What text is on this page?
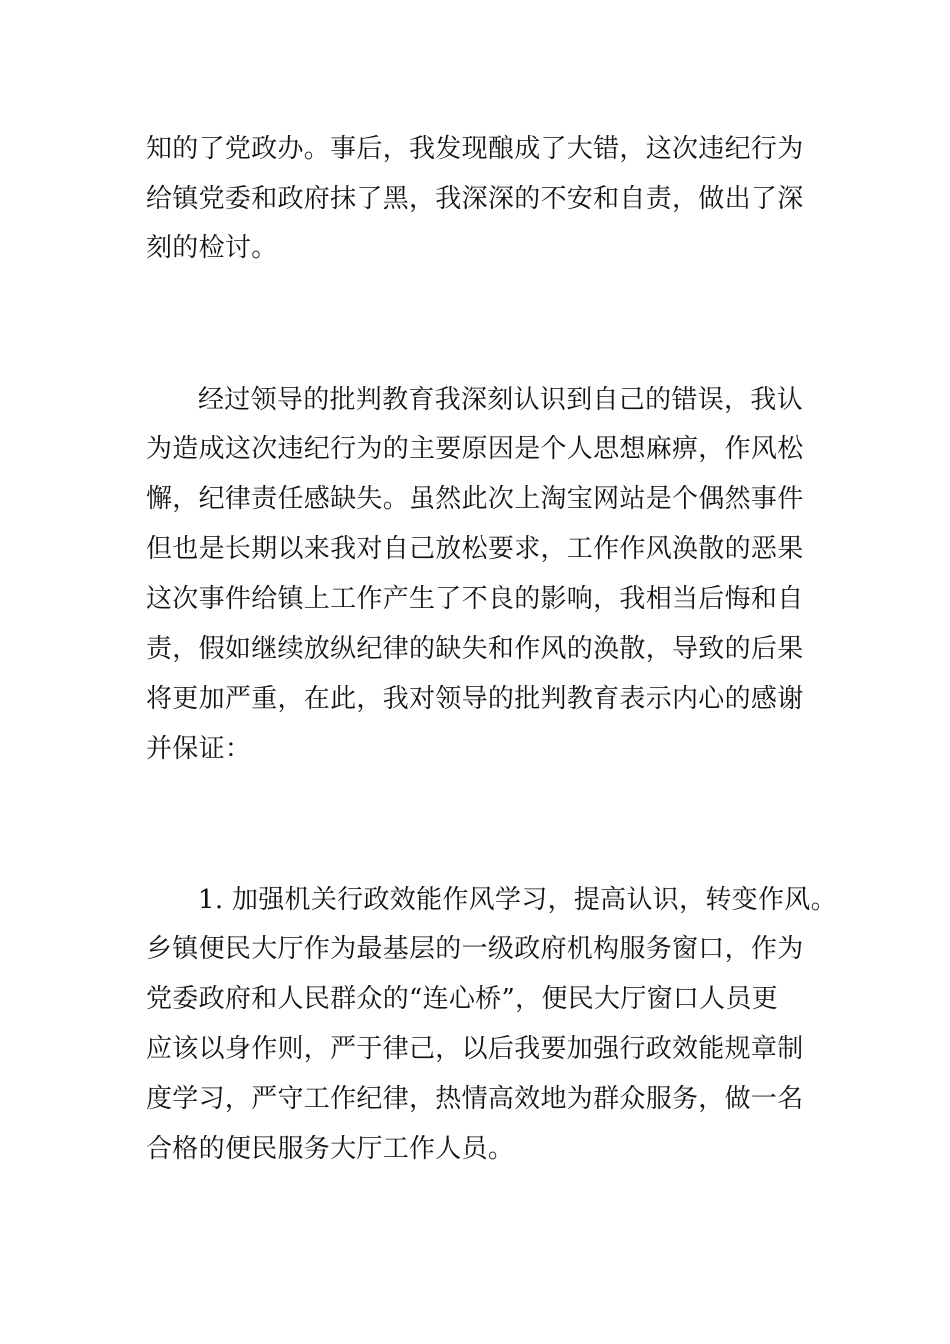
知的了党政办。事后，我发现酿成了大错，这次违纪行为
给镇党委和政府抹了黑，我深深的不安和自责，做出了深
刻的检讨。
经过领导的批判教育我深刻认识到自己的错误，我认
为造成这次违纪行为的主要原因是个人思想麻痹，作风松
懈，纪律责任感缺失。虽然此次上淘宝网站是个偶然事件
但也是长期以来我对自己放松要求，工作作风涣散的恶果
这次事件给镇上工作产生了不良的影响，我相当后悔和自
责，假如继续放纵纪律的缺失和作风的涣散，导致的后果
将更加严重，在此，我对领导的批判教育表示内心的感谢
并保证：
1. 加强机关行政效能作风学习，提高认识，转变作风。
乡镇便民大厅作为最基层的一级政府机构服务窗口，作为
党委政府和人民群众的“连心桥”，便民大厅窗口人员更
应该以身作则，严于律己，以后我要加强行政效能规章制
度学习，严守工作纪律，热情高效地为群众服务，做一名
合格的便民服务大厅工作人员。
